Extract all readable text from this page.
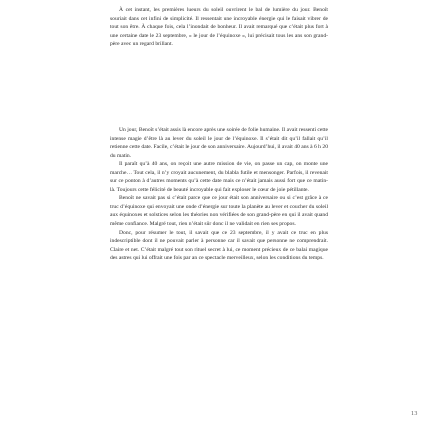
À cet instant, les premières lueurs du soleil ouvrirent le bal de lumière du jour. Benoît souriait dans cet infini de simplicité. Il ressentait une incroyable énergie qui le faisait vibrer de tout son être. À chaque fois, cela l’inondait de bonheur. Il avait remarqué que c’était plus fort à une certaine date le 23 septembre, « le jour de l’équinoxe », lui précisait tous les ans son grand-père avec un regard brillant.

Un jour, Benoît s’était assis là encore après une soirée de folie humaine. Il avait ressenti cette intense magie d’être là au lever du soleil le jour de l’équinoxe. Il s’était dit qu’il fallait qu’il retienne cette date. Facile, c’était le jour de son anniversaire. Aujourd’hui, il avait 40 ans à 6 h 20 du matin.

Il paraît qu’à 40 ans, on reçoit une autre mission de vie, on passe un cap, on monte une marche… Tout cela, il n’y croyait aucunement, du blabla futile et mensonger. Parfois, il revenait sur ce ponton à d’autres moments qu’à cette date mais ce n’était jamais aussi fort que ce matin-là. Toujours cette félicité de beauté incroyable qui fait exploser le cœur de joie pétillante.

Benoît ne savait pas si c’était parce que ce jour était son anniversaire ou si c’est grâce à ce truc d’équinoxe qui envoyait une onde d’énergie sur toute la planète au lever et coucher du soleil aux équinoxes et solstices selon les théories non vérifiées de son grand-père en qui il avait quand même confiance. Malgré tout, rien n’était sûr donc il ne validait en rien ses propos.

Donc, pour résumer le tout, il savait que ce 23 septembre, il y avait ce truc en plus indescriptible dont il ne pouvait parler à personne car il savait que personne ne comprendrait. Claire et net. C’était malgré tout son rituel secret à lui, ce moment précieux de ce balai magique des astres qui lui offrait une fois par an ce spectacle merveilleux, selon les conditions du temps.

13
